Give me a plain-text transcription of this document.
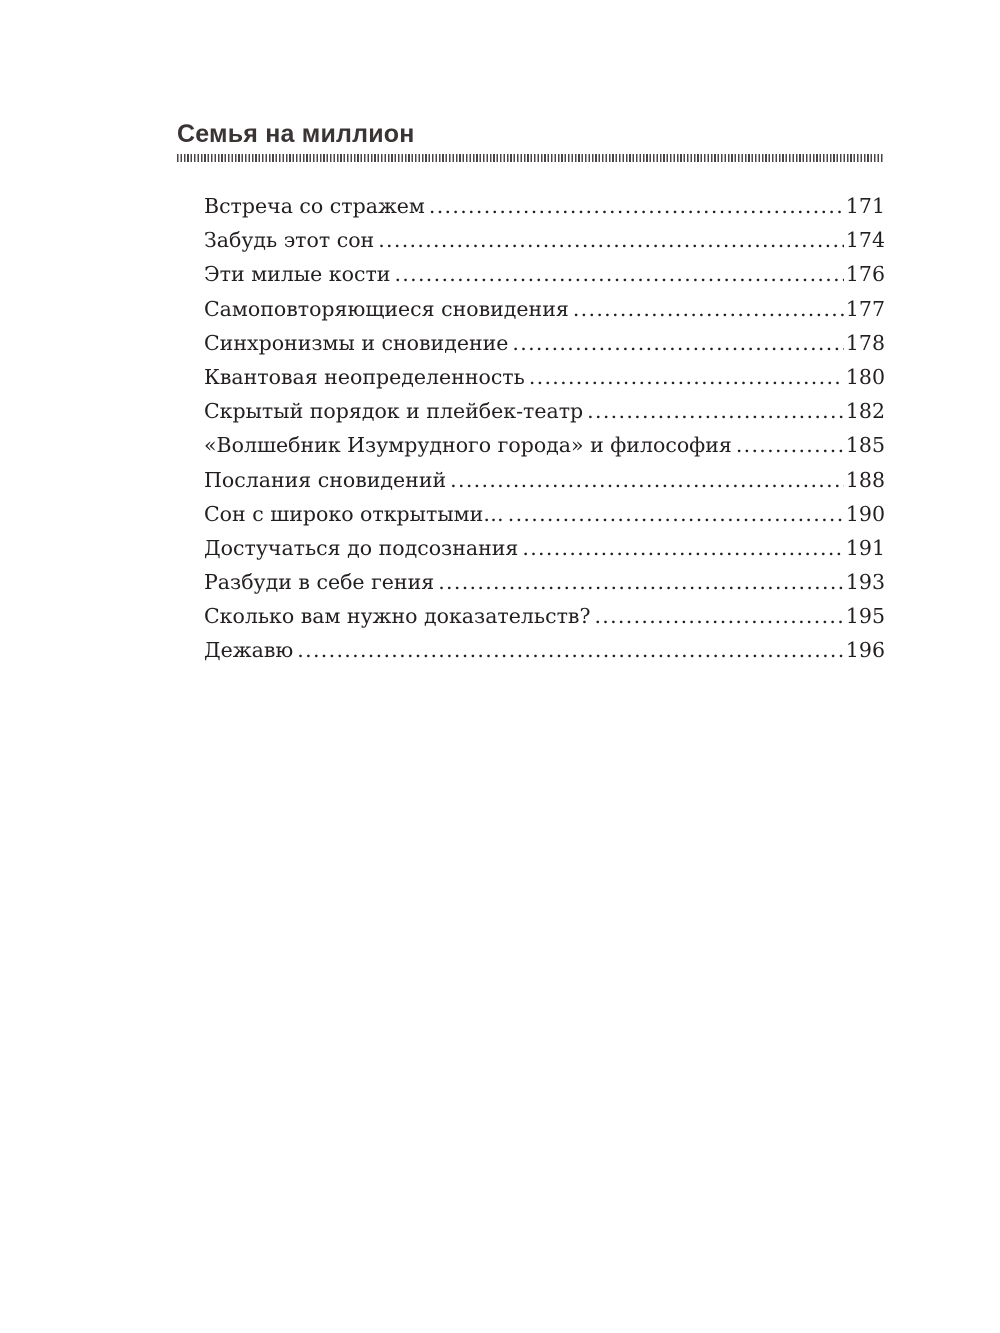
Семья на миллион
Встреча со стражем . . .	171
Забудь этот сон . . .	174
Эти милые кости . . .	176
Самоповторяющиеся сновидения . . .	177
Синхронизмы и сновидение . . .	178
Квантовая неопределенность . . .	180
Скрытый порядок и плейбек-театр . . .	182
«Волшебник Изумрудного города» и философия . . .	185
Послания сновидений . . .	188
Сон с широко открытыми… . . .	190
Достучаться до подсознания . . .	191
Разбуди в себе гения . . .	193
Сколько вам нужно доказательств? . . .	195
Дежавю . . .	196
